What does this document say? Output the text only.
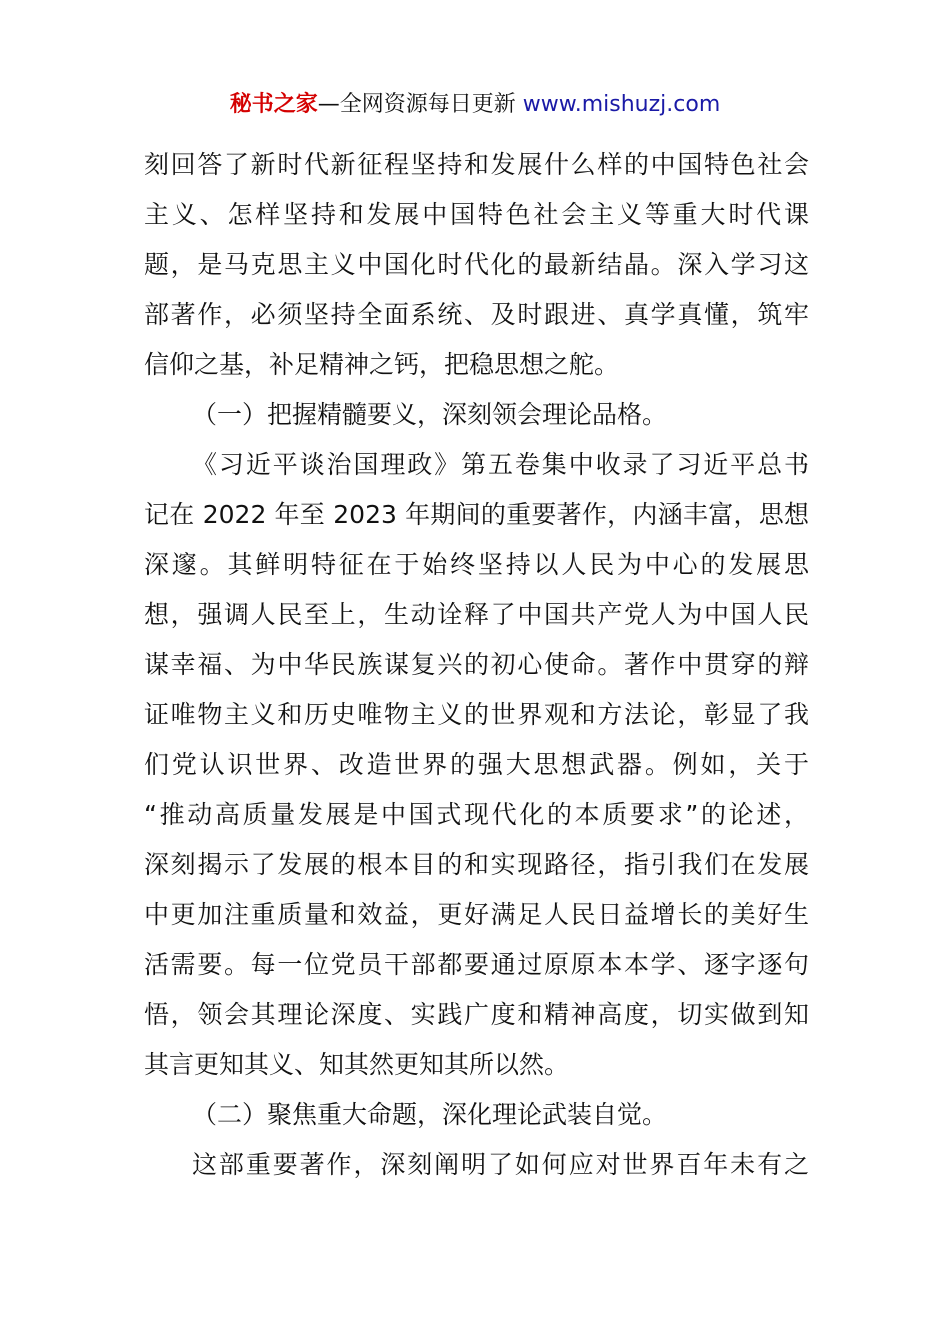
秘书之家—全网资源每日更新 www.mishuzj.com
刻回答了新时代新征程坚持和发展什么样的中国特色社会
主义、怎样坚持和发展中国特色社会主义等重大时代课
题，是马克思主义中国化时代化的最新结晶。深入学习这
部著作，必须坚持全面系统、及时跟进、真学真懂，筑牢
信仰之基，补足精神之钙，把稳思想之舵。
（一）把握精髓要义，深刻领会理论品格。
《习近平谈治国理政》第五卷集中收录了习近平总书
记在 2022 年至 2023 年期间的重要著作，内涵丰富，思想
深邃。其鲜明特征在于始终坚持以人民为中心的发展思
想，强调人民至上，生动诠释了中国共产党人为中国人民
谋幸福、为中华民族谋复兴的初心使命。著作中贯穿的辩
证唯物主义和历史唯物主义的世界观和方法论，彰显了我
们党认识世界、改造世界的强大思想武器。例如，关于
“推动高质量发展是中国式现代化的本质要求”的论述，
深刻揭示了发展的根本目的和实现路径，指引我们在发展
中更加注重质量和效益，更好满足人民日益增长的美好生
活需要。每一位党员干部都要通过原原本本学、逐字逐句
悟，领会其理论深度、实践广度和精神高度，切实做到知
其言更知其义、知其然更知其所以然。
（二）聚焦重大命题，深化理论武装自觉。
这部重要著作，深刻阐明了如何应对世界百年未有之
